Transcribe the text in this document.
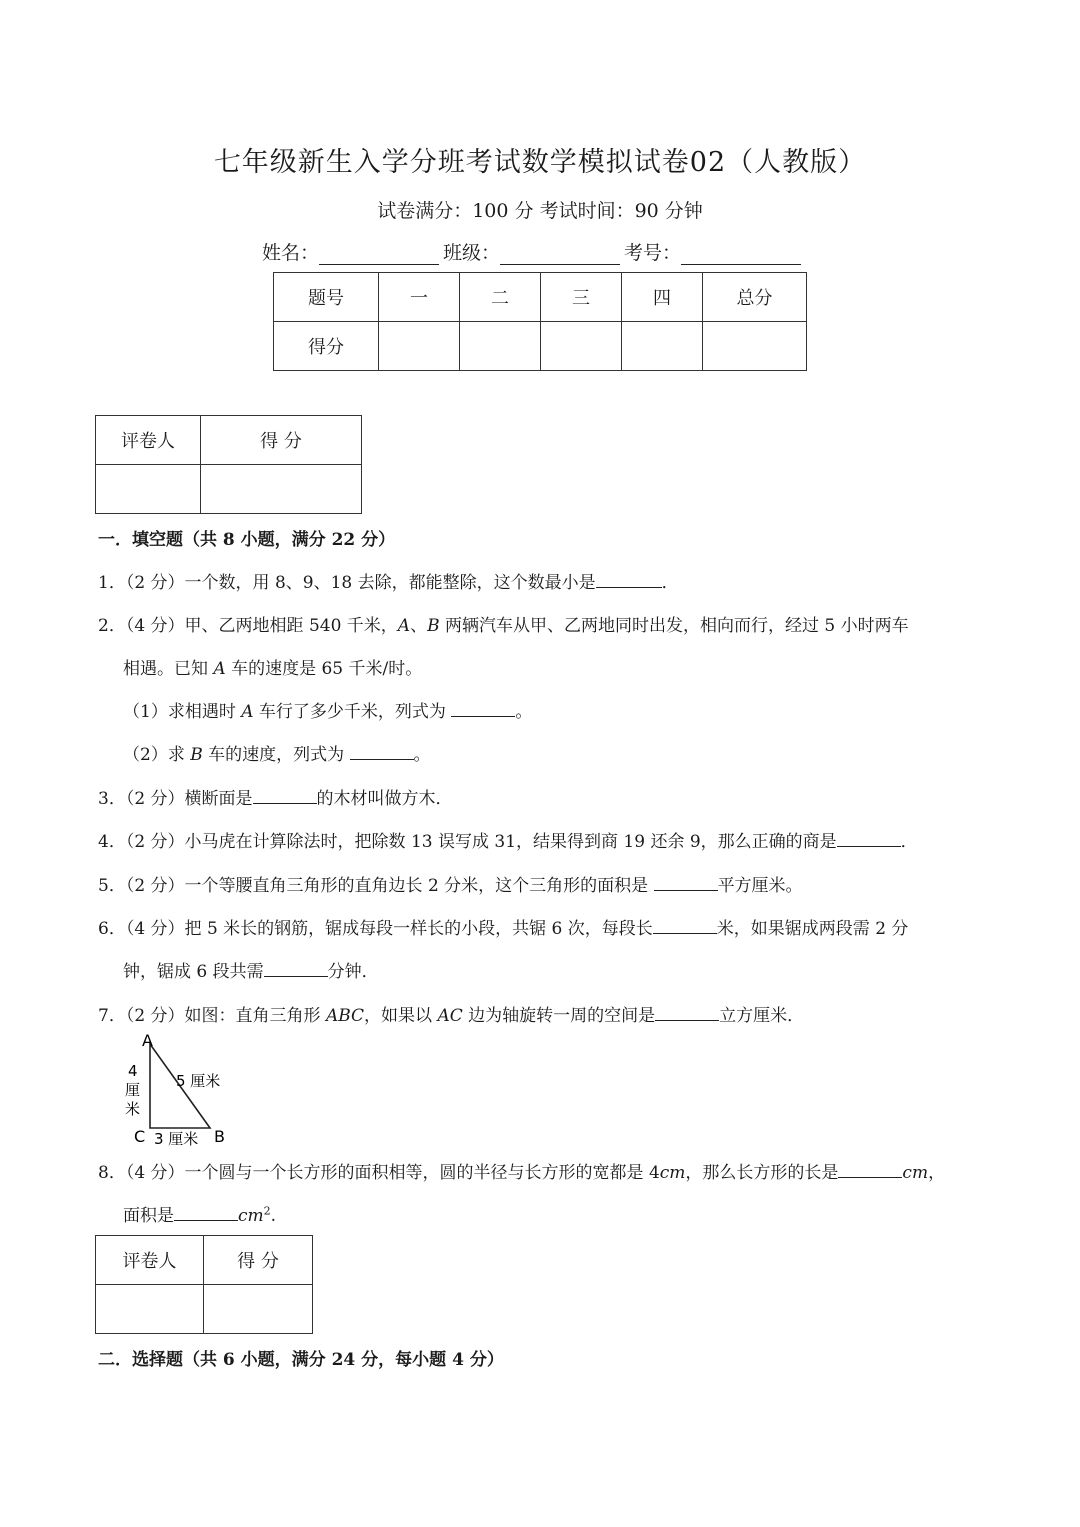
七年级新生入学分班考试数学模拟试卷02（人教版）
试卷满分：100 分 考试时间：90 分钟
姓名：	班级：	考号：
题号	一	二	三	四	总分
得分					
评卷人	得 分

一．填空题（共 8 小题，满分 22 分）
1．（2 分）一个数，用 8、9、18 去除，都能整除，这个数最小是	．
2．（4 分）甲、乙两地相距 540 千米，A、B 两辆汽车从甲、乙两地同时出发，相向而行，经过 5 小时两车
相遇。已知 A 车的速度是 65 千米/时。
（1）求相遇时 A 车行了多少千米，列式为	。
（2）求 B 车的速度，列式为	。
3．（2 分）横断面是	的木材叫做方木．
4．（2 分）小马虎在计算除法时，把除数 13 误写成 31，结果得到商 19 还余 9，那么正确的商是	．
5．（2 分）一个等腰直角三角形的直角边长 2 分米，这个三角形的面积是	平方厘米。
6．（4 分）把 5 米长的钢筋，锯成每段一样长的小段，共锯 6 次，每段长	米，如果锯成两段需 2 分
钟，锯成 6 段共需	分钟．
7．（2 分）如图：直角三角形 ABC，如果以 AC 边为轴旋转一周的空间是	立方厘米．
A
C	B
4
厘
米
5 厘米
3 厘米
8．（4 分）一个圆与一个长方形的面积相等，圆的半径与长方形的宽都是 4cm，那么长方形的长是	cm，
面积是	$cm^2$.
评卷人	得 分

二．选择题（共 6 小题，满分 24 分，每小题 4 分）
